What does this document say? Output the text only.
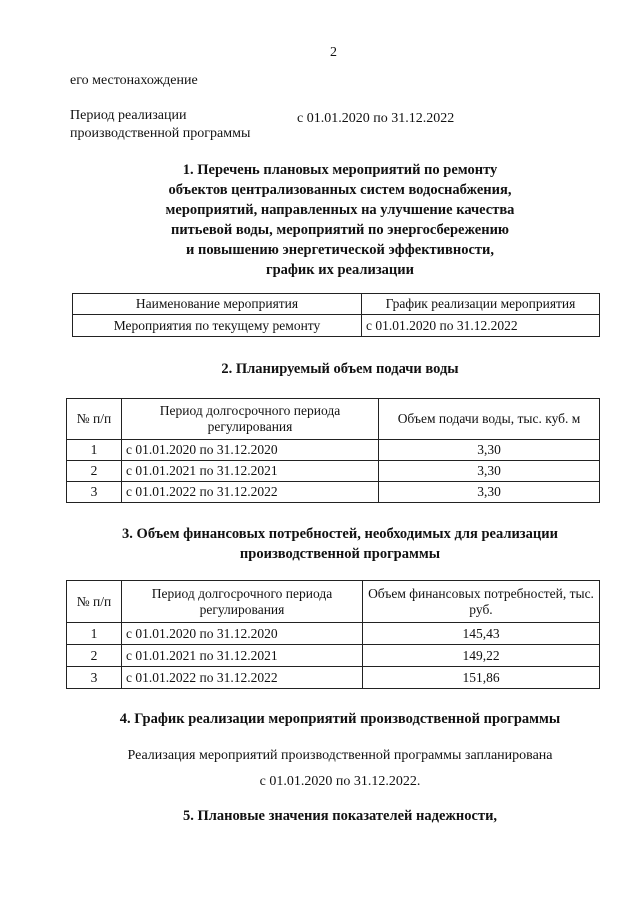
2
его местонахождение
Период реализации
производственной программы
с 01.01.2020 по 31.12.2022
1. Перечень плановых мероприятий по ремонту
объектов централизованных систем водоснабжения,
мероприятий, направленных на улучшение качества
питьевой воды, мероприятий по энергосбережению
и повышению энергетической эффективности,
график их реализации
Наименование мероприятия	График реализации мероприятия
Мероприятия по текущему ремонту	с 01.01.2020 по 31.12.2022
2. Планируемый объем подачи воды
№ п/п	Период долгосрочного периода регулирования	Объем подачи воды, тыс. куб. м
1	с 01.01.2020 по 31.12.2020	3,30
2	с 01.01.2021 по 31.12.2021	3,30
3	с 01.01.2022 по 31.12.2022	3,30
3. Объем финансовых потребностей, необходимых для реализации
производственной программы
№ п/п	Период долгосрочного периода регулирования	Объем финансовых потребностей, тыс. руб.
1	с 01.01.2020 по 31.12.2020	145,43
2	с 01.01.2021 по 31.12.2021	149,22
3	с 01.01.2022 по 31.12.2022	151,86
4. График реализации мероприятий производственной программы
Реализация мероприятий производственной программы запланирована
с 01.01.2020 по 31.12.2022.
5. Плановые значения показателей надежности,
